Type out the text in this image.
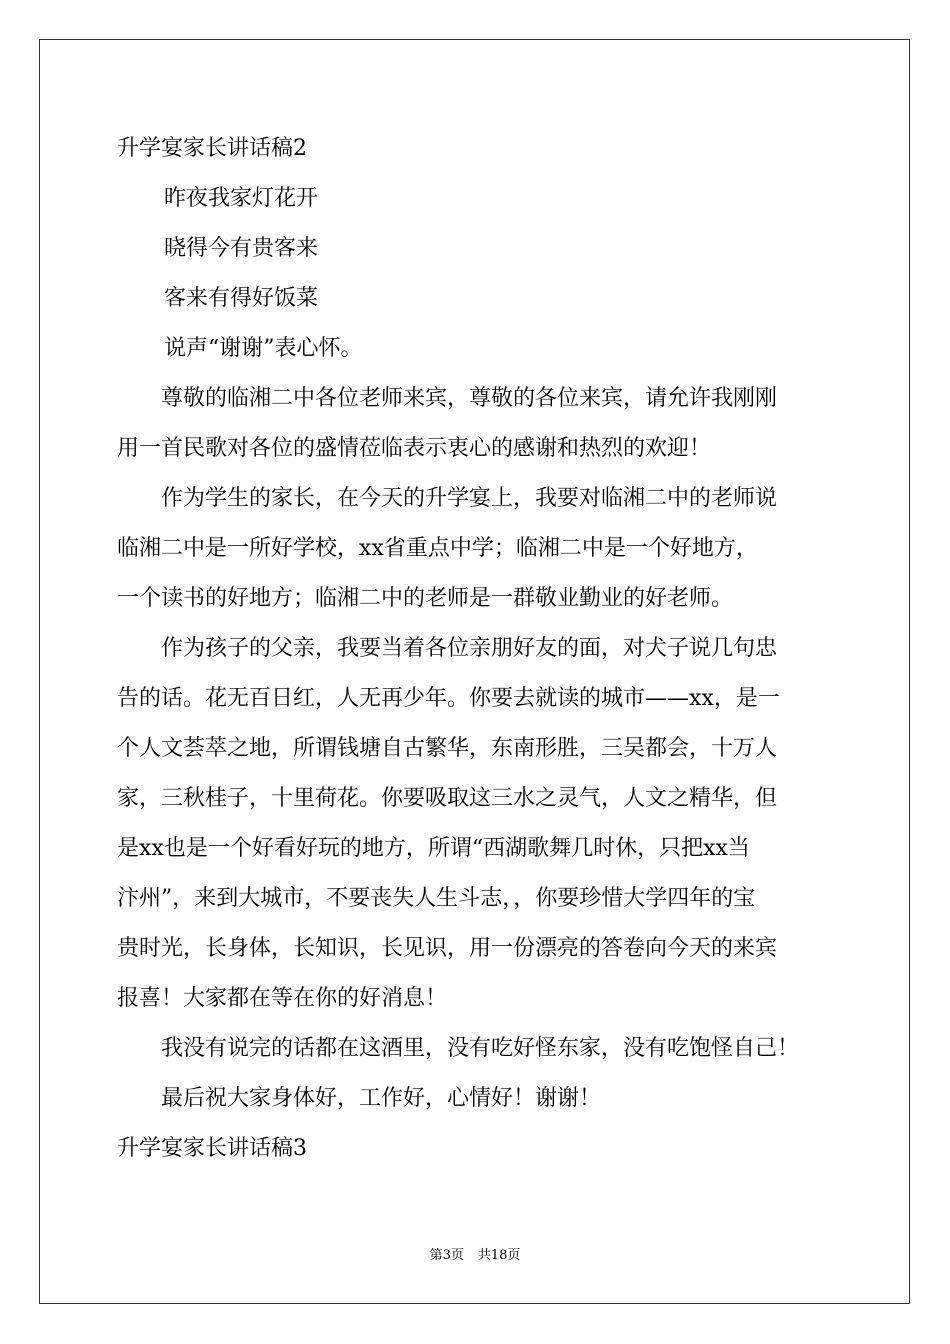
升学宴家长讲话稿2
昨夜我家灯花开
晓得今有贵客来
客来有得好饭菜
说声“谢谢”表心怀。
　　尊敬的临湘二中各位老师来宾，尊敬的各位来宾，请允许我刚刚
用一首民歌对各位的盛情莅临表示衷心的感谢和热烈的欢迎！
　　作为学生的家长，在今天的升学宴上，我要对临湘二中的老师说
临湘二中是一所好学校，xx省重点中学；临湘二中是一个好地方，
一个读书的好地方；临湘二中的老师是一群敬业勤业的好老师。
　　作为孩子的父亲，我要当着各位亲朋好友的面，对犬子说几句忠
告的话。花无百日红，人无再少年。你要去就读的城市——xx，是一
个人文荟萃之地，所谓钱塘自古繁华，东南形胜，三吴都会，十万人
家，三秋桂子，十里荷花。你要吸取这三水之灵气，人文之精华，但
是xx也是一个好看好玩的地方，所谓“西湖歌舞几时休，只把xx当
汴州”，来到大城市，不要丧失人生斗志，，你要珍惜大学四年的宝
贵时光，长身体，长知识，长见识，用一份漂亮的答卷向今天的来宾
报喜！大家都在等在你的好消息！
　　我没有说完的话都在这酒里，没有吃好怪东家，没有吃饱怪自己！
　　最后祝大家身体好，工作好，心情好！谢谢！
升学宴家长讲话稿3
第3页 共18页
